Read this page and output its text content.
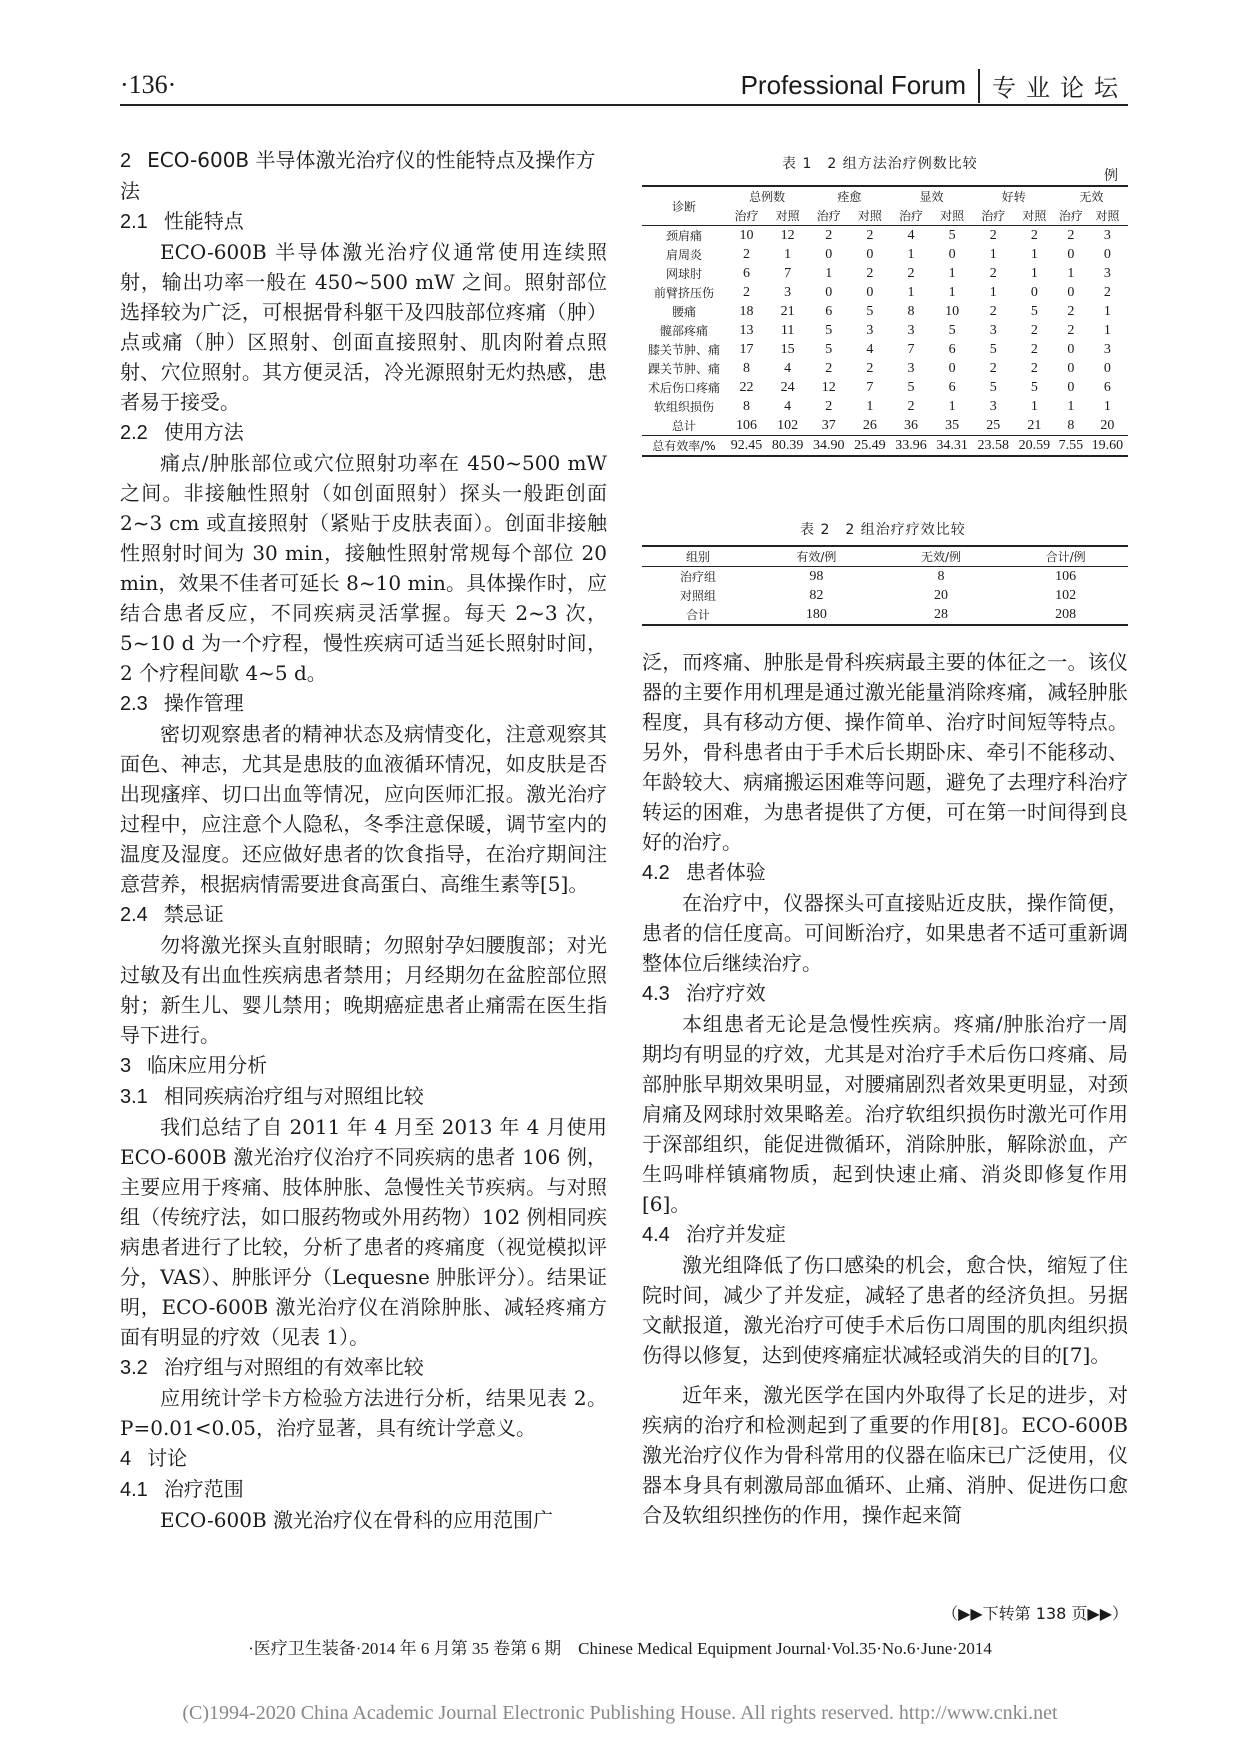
·136·	Professional Forum 专业论坛

2 ECO-600B 半导体激光治疗仪的性能特点及操作方法

2.1 性能特点

ECO-600B 半导体激光治疗仪通常使用连续照射，输出功率一般在 450~500 mW 之间。照射部位选择较为广泛，可根据骨科躯干及四肢部位疼痛（肿）点或痛（肿）区照射、创面直接照射、肌肉附着点照射、穴位照射。其方便灵活，冷光源照射无灼热感，患者易于接受。

2.2 使用方法

痛点/肿胀部位或穴位照射功率在 450~500 mW 之间。非接触性照射（如创面照射）探头一般距创面 2~3 cm 或直接照射（紧贴于皮肤表面）。创面非接触性照射时间为 30 min，接触性照射常规每个部位 20 min，效果不佳者可延长 8~10 min。具体操作时，应结合患者反应，不同疾病灵活掌握。每天 2~3 次，5~10 d 为一个疗程，慢性疾病可适当延长照射时间，2 个疗程间歇 4~5 d。

2.3 操作管理

密切观察患者的精神状态及病情变化，注意观察其面色、神志，尤其是患肢的血液循环情况，如皮肤是否出现瘙痒、切口出血等情况，应向医师汇报。激光治疗过程中，应注意个人隐私，冬季注意保暖，调节室内的温度及湿度。还应做好患者的饮食指导，在治疗期间注意营养，根据病情需要进食高蛋白、高维生素等[5]。

2.4 禁忌证

勿将激光探头直射眼睛；勿照射孕妇腰腹部；对光过敏及有出血性疾病患者禁用；月经期勿在盆腔部位照射；新生儿、婴儿禁用；晚期癌症患者止痛需在医生指导下进行。

3 临床应用分析

3.1 相同疾病治疗组与对照组比较

我们总结了自 2011 年 4 月至 2013 年 4 月使用 ECO-600B 激光治疗仪治疗不同疾病的患者 106 例，主要应用于疼痛、肢体肿胀、急慢性关节疾病。与对照组（传统疗法，如口服药物或外用药物）102 例相同疾病患者进行了比较，分析了患者的疼痛度（视觉模拟评分，VAS）、肿胀评分（Lequesne 肿胀评分）。结果证明，ECO-600B 激光治疗仪在消除肿胀、减轻疼痛方面有明显的疗效（见表 1）。

3.2 治疗组与对照组的有效率比较

应用统计学卡方检验方法进行分析，结果见表 2。P=0.01<0.05，治疗显著，具有统计学意义。

4 讨论

4.1 治疗范围

ECO-600B 激光治疗仪在骨科的应用范围广

表 1　2 组方法治疗例数比较
例
诊断	总例数		痊愈		显效		好转		无效	
	治疗	对照	治疗	对照	治疗	对照	治疗	对照	治疗	对照
颈肩痛	10	12	2	2	4	5	2	2	2	3
肩周炎	2	1	0	0	1	0	1	1	0	0
网球肘	6	7	1	2	2	1	2	1	1	3
前臂挤压伤	2	3	0	0	1	1	1	0	0	2
腰痛	18	21	6	5	8	10	2	5	2	1
髋部疼痛	13	11	5	3	3	5	3	2	2	1
膝关节肿、痛	17	15	5	4	7	6	5	2	0	3
踝关节肿、痛	8	4	2	2	3	0	2	2	0	0
术后伤口疼痛	22	24	12	7	5	6	5	5	0	6
软组织损伤	8	4	2	1	2	1	3	1	1	1
总计	106	102	37	26	36	35	25	21	8	20
总有效率/%	92.45	80.39	34.90	25.49	33.96	34.31	23.58	20.59	7.55	19.60
表 2　2 组治疗疗效比较
组别	有效/例	无效/例	合计/例
治疗组	98	8	106
对照组	82	20	102
合计	180	28	208

泛，而疼痛、肿胀是骨科疾病最主要的体征之一。该仪器的主要作用机理是通过激光能量消除疼痛，减轻肿胀程度，具有移动方便、操作简单、治疗时间短等特点。另外，骨科患者由于手术后长期卧床、牵引不能移动、年龄较大、病痛搬运困难等问题，避免了去理疗科治疗转运的困难，为患者提供了方便，可在第一时间得到良好的治疗。

4.2 患者体验

在治疗中，仪器探头可直接贴近皮肤，操作简便，患者的信任度高。可间断治疗，如果患者不适可重新调整体位后继续治疗。

4.3 治疗疗效

本组患者无论是急慢性疾病。疼痛/肿胀治疗一周期均有明显的疗效，尤其是对治疗手术后伤口疼痛、局部肿胀早期效果明显，对腰痛剧烈者效果更明显，对颈肩痛及网球肘效果略差。治疗软组织损伤时激光可作用于深部组织，能促进微循环，消除肿胀，解除淤血，产生吗啡样镇痛物质，起到快速止痛、消炎即修复作用[6]。

4.4 治疗并发症

激光组降低了伤口感染的机会，愈合快，缩短了住院时间，减少了并发症，减轻了患者的经济负担。另据文献报道，激光治疗可使手术后伤口周围的肌肉组织损伤得以修复，达到使疼痛症状减轻或消失的目的[7]。

近年来，激光医学在国内外取得了长足的进步，对疾病的治疗和检测起到了重要的作用[8]。ECO-600B 激光治疗仪作为骨科常用的仪器在临床已广泛使用，仪器本身具有刺激局部血循环、止痛、消肿、促进伤口愈合及软组织挫伤的作用，操作起来简

（▶▶下转第 138 页▶▶）
·医疗卫生装备·2014 年 6 月第 35 卷第 6 期　Chinese Medical Equipment Journal·Vol.35·No.6·June·2014
(C)1994-2020 China Academic Journal Electronic Publishing House. All rights reserved. http://www.cnki.net
